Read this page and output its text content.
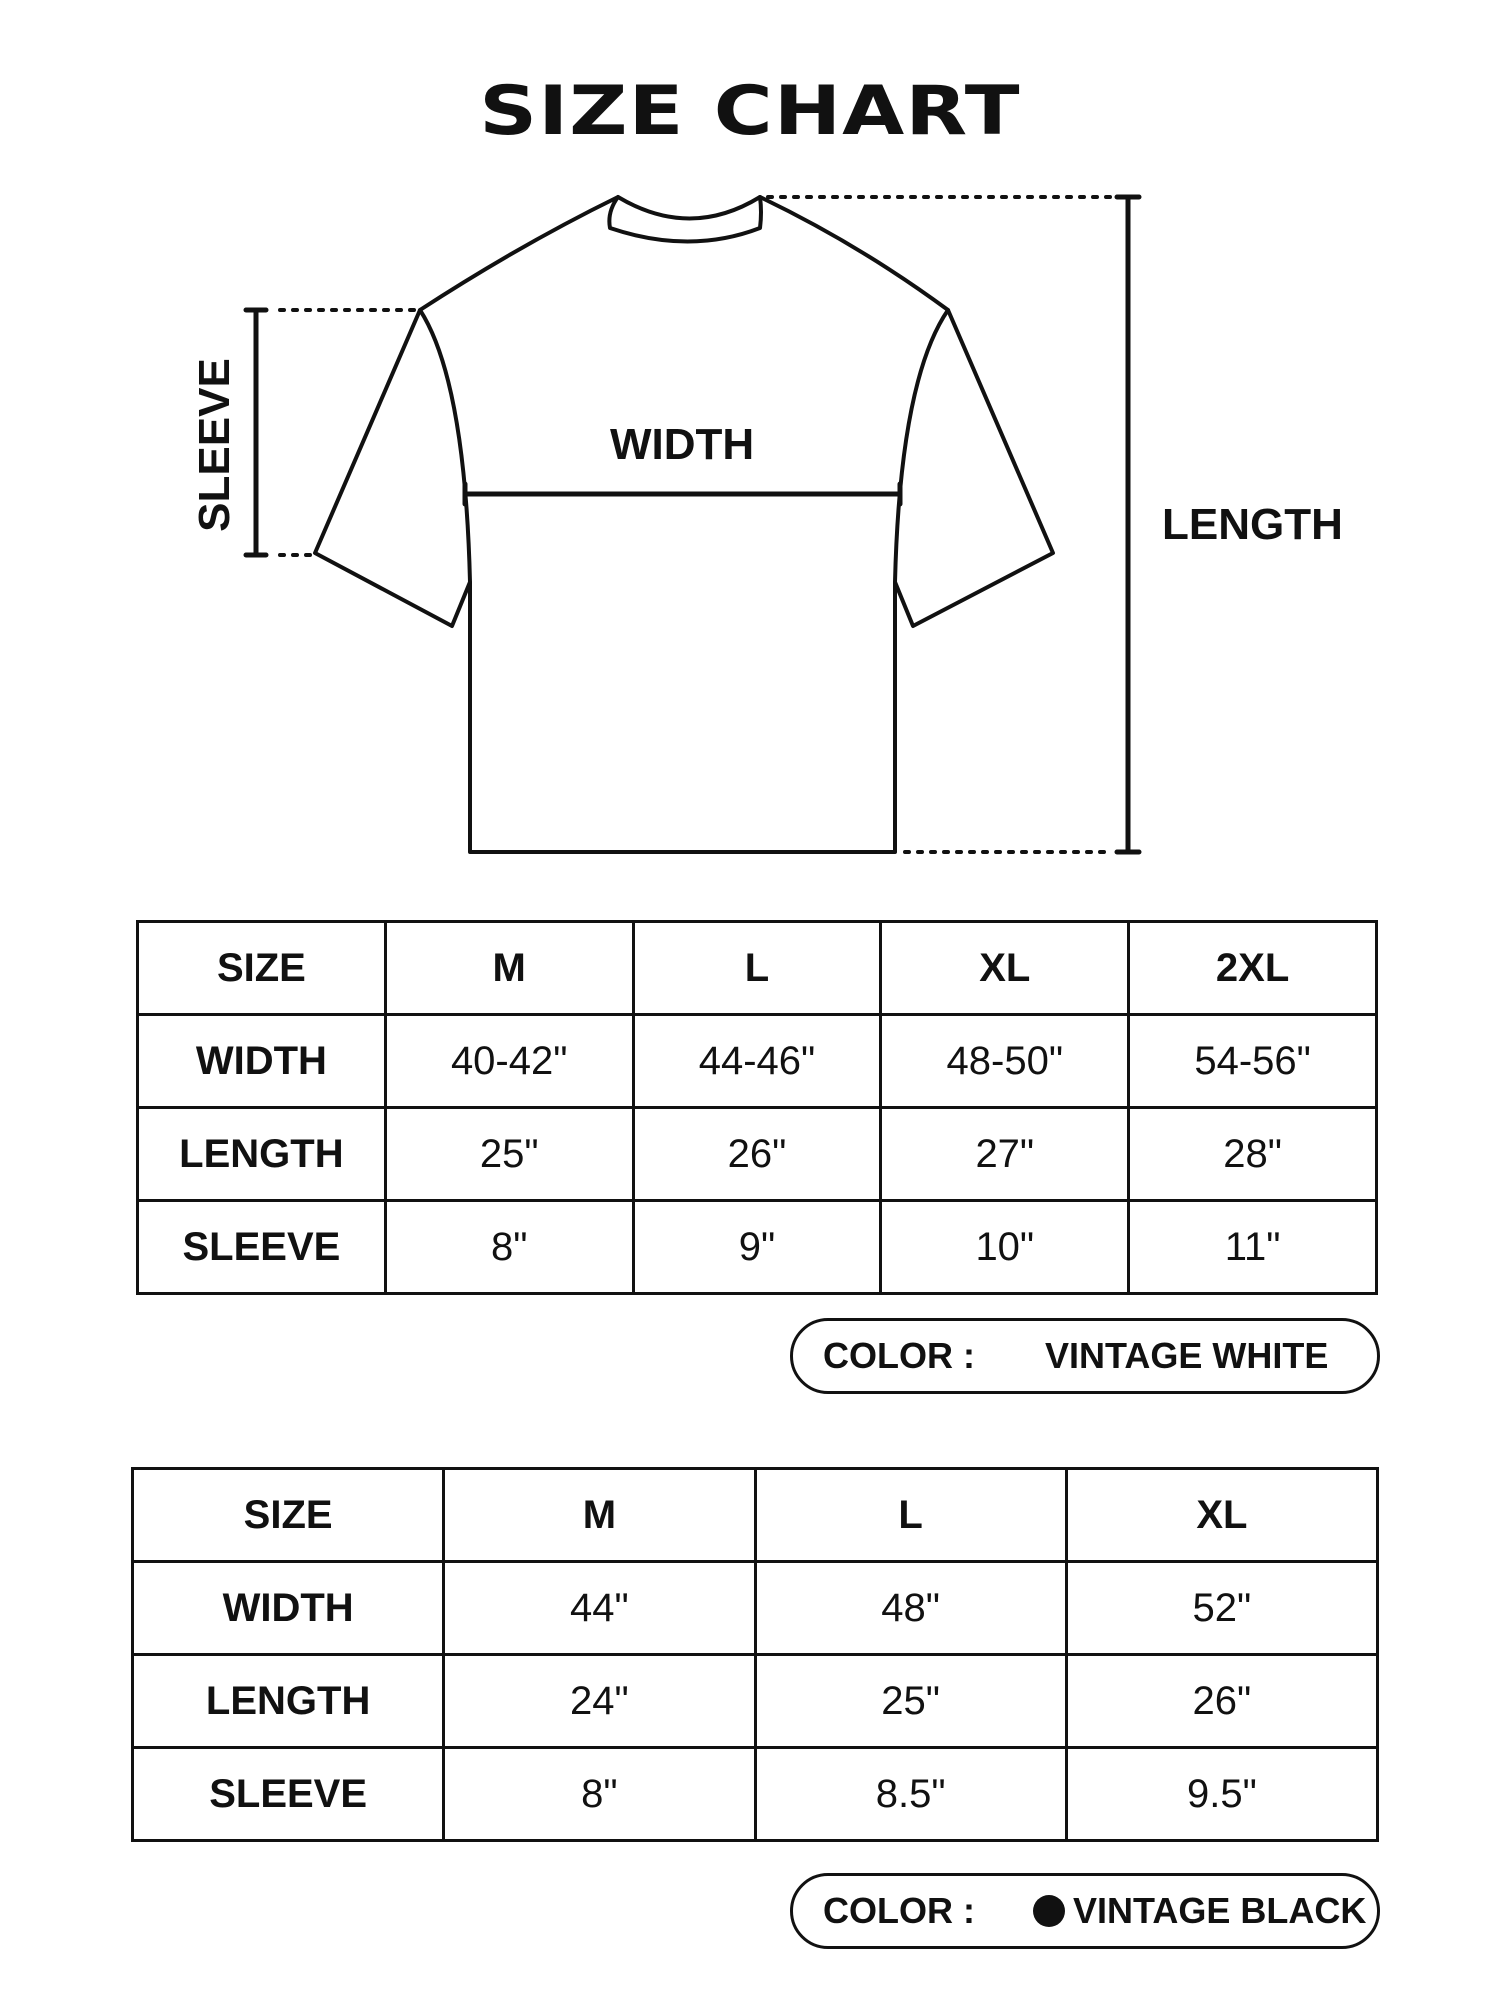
SIZE CHART
WIDTH
LENGTH
SLEEVE
SIZE	M	L	XL	2XL
WIDTH	40-42"	44-46"	48-50"	54-56"
LENGTH	25"	26"	27"	28"
SLEEVE	8"	9"	10"	11"
COLOR : VINTAGE WHITE
SIZE	M	L	XL
WIDTH	44"	48"	52"
LENGTH	24"	25"	26"
SLEEVE	8"	8.5"	9.5"
COLOR :	VINTAGE BLACK
